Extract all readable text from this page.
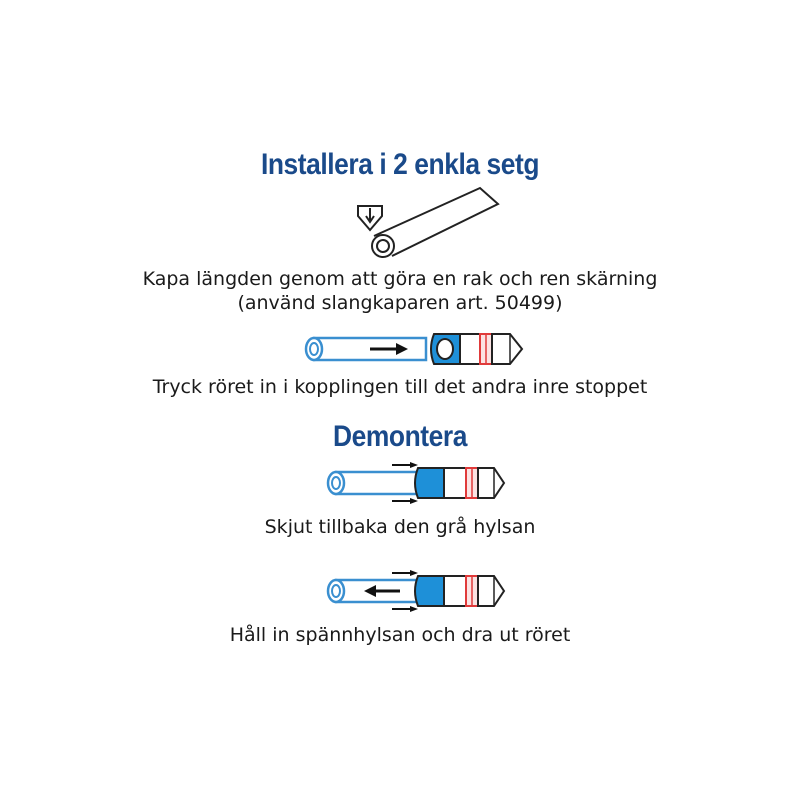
Installera i 2 enkla setg
Kapa längden genom att göra en rak och ren skärning
(använd slangkaparen art. 50499)
Tryck röret in i kopplingen till det andra inre stoppet
Demontera
Skjut tillbaka den grå hylsan
Håll in spännhylsan och dra ut röret
